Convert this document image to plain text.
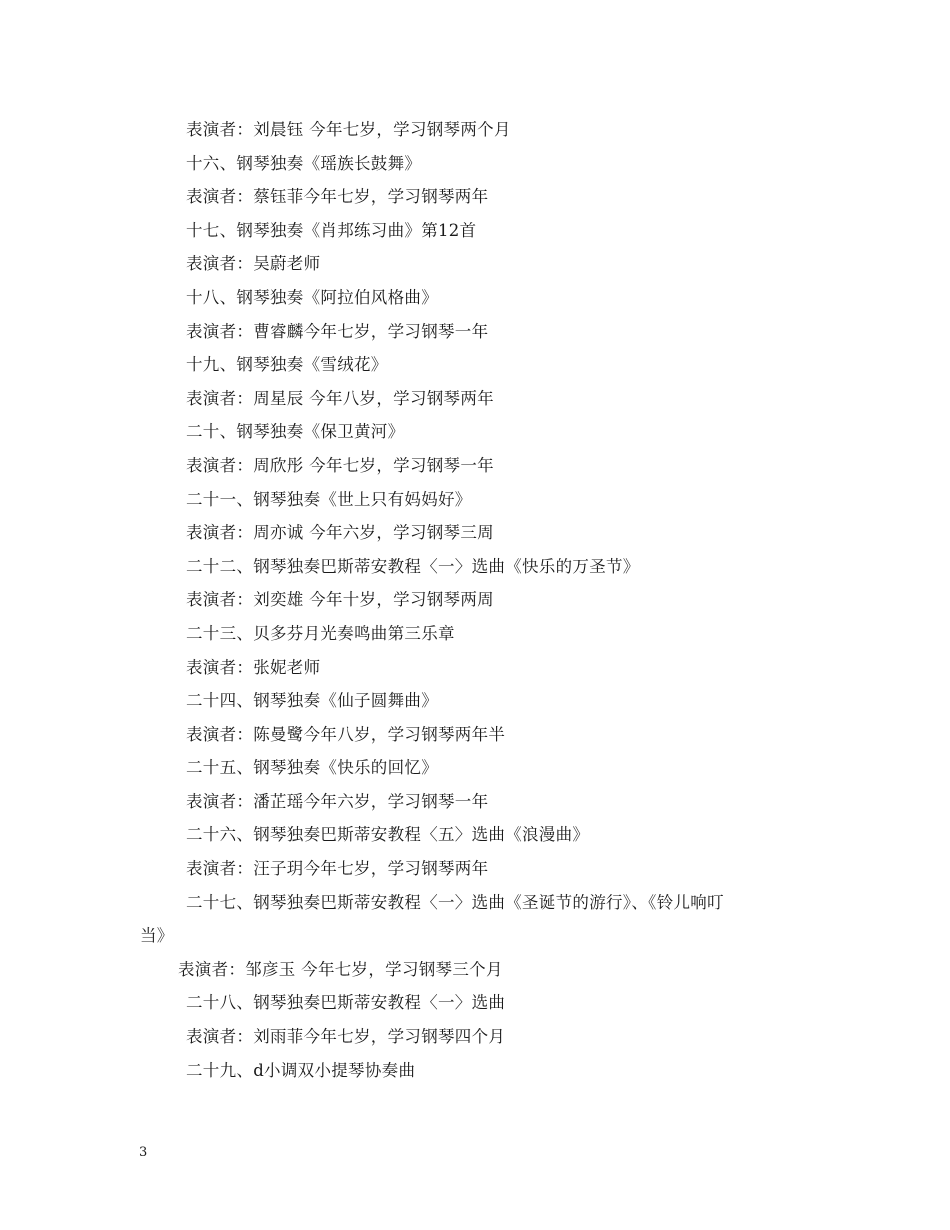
表演者：刘晨钰 今年七岁，学习钢琴两个月
十六、钢琴独奏《瑶族长鼓舞》
表演者：蔡钰菲今年七岁，学习钢琴两年
十七、钢琴独奏《肖邦练习曲》第12首
表演者：吴蔚老师
十八、钢琴独奏《阿拉伯风格曲》
表演者：曹睿麟今年七岁，学习钢琴一年
十九、钢琴独奏《雪绒花》
表演者：周星辰 今年八岁，学习钢琴两年
二十、钢琴独奏《保卫黄河》
表演者：周欣彤 今年七岁，学习钢琴一年
二十一、钢琴独奏《世上只有妈妈好》
表演者：周亦诚 今年六岁，学习钢琴三周
二十二、钢琴独奏巴斯蒂安教程〈一〉选曲《快乐的万圣节》
表演者：刘奕雄 今年十岁，学习钢琴两周
二十三、贝多芬月光奏鸣曲第三乐章
表演者：张妮老师
二十四、钢琴独奏《仙子圆舞曲》
表演者：陈曼鹭今年八岁，学习钢琴两年半
二十五、钢琴独奏《快乐的回忆》
表演者：潘芷瑶今年六岁，学习钢琴一年
二十六、钢琴独奏巴斯蒂安教程〈五〉选曲《浪漫曲》
表演者：汪子玥今年七岁，学习钢琴两年
二十七、钢琴独奏巴斯蒂安教程〈一〉选曲《圣诞节的游行》、《铃儿响叮
当》
表演者：邹彦玉 今年七岁，学习钢琴三个月
二十八、钢琴独奏巴斯蒂安教程〈一〉选曲
表演者：刘雨菲今年七岁，学习钢琴四个月
二十九、d小调双小提琴协奏曲
3
